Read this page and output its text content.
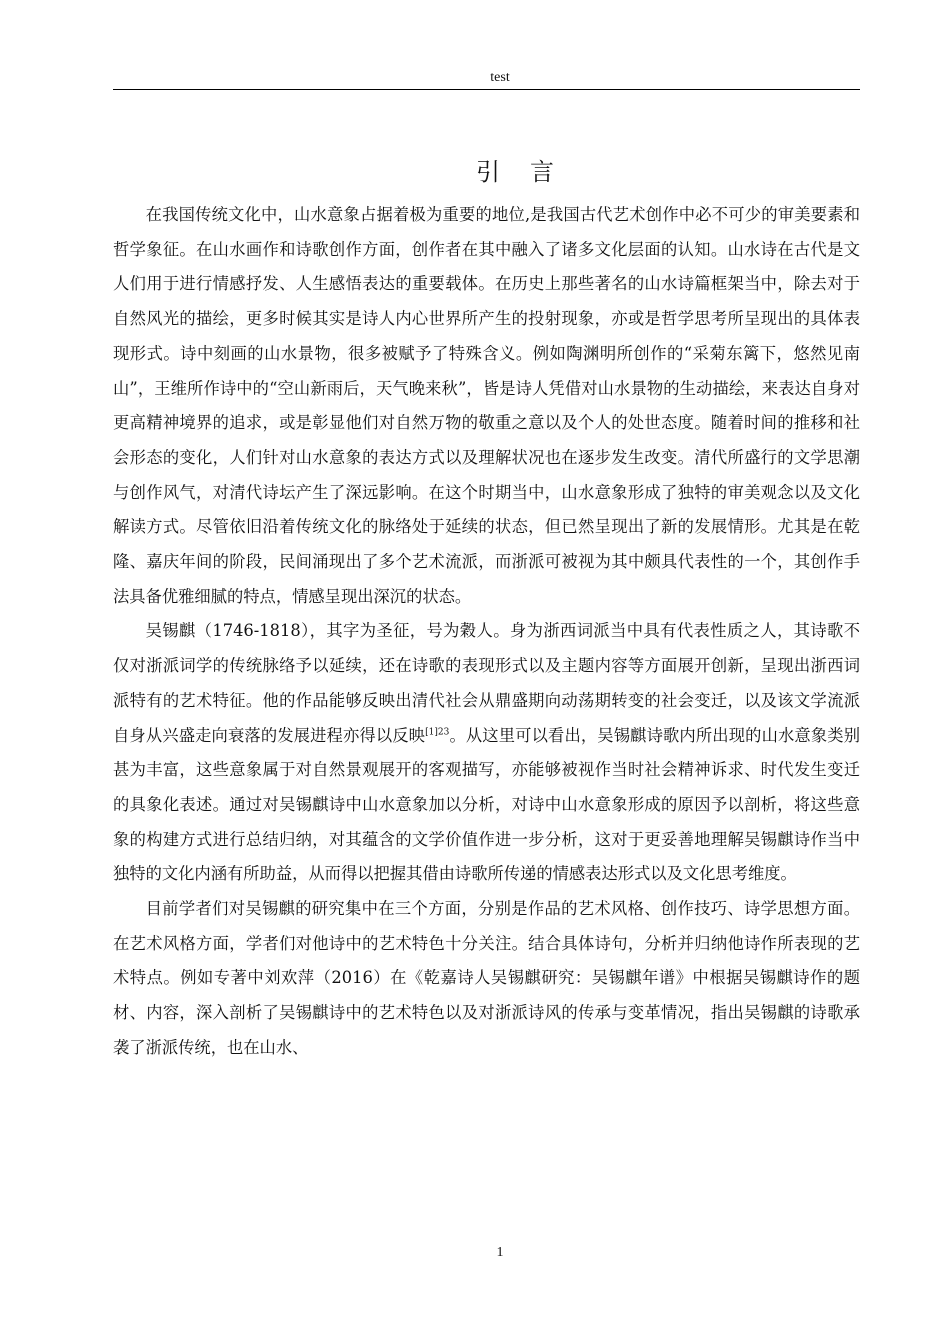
test
引言

在我国传统文化中，山水意象占据着极为重要的地位,是我国古代艺术创作中必不可少的审美要素和哲学象征。在山水画作和诗歌创作方面，创作者在其中融入了诸多文化层面的认知。山水诗在古代是文人们用于进行情感抒发、人生感悟表达的重要载体。在历史上那些著名的山水诗篇框架当中，除去对于自然风光的描绘，更多时候其实是诗人内心世界所产生的投射现象，亦或是哲学思考所呈现出的具体表现形式。诗中刻画的山水景物，很多被赋予了特殊含义。例如陶渊明所创作的“采菊东篱下，悠然见南山”，王维所作诗中的“空山新雨后，天气晚来秋”，皆是诗人凭借对山水景物的生动描绘，来表达自身对更高精神境界的追求，或是彰显他们对自然万物的敬重之意以及个人的处世态度。随着时间的推移和社会形态的变化，人们针对山水意象的表达方式以及理解状况也在逐步发生改变。清代所盛行的文学思潮与创作风气，对清代诗坛产生了深远影响。在这个时期当中，山水意象形成了独特的审美观念以及文化解读方式。尽管依旧沿着传统文化的脉络处于延续的状态，但已然呈现出了新的发展情形。尤其是在乾隆、嘉庆年间的阶段，民间涌现出了多个艺术流派，而浙派可被视为其中颇具代表性的一个，其创作手法具备优雅细腻的特点，情感呈现出深沉的状态。

吴锡麒（1746-1818），其字为圣征，号为穀人。身为浙西词派当中具有代表性质之人，其诗歌不仅对浙派词学的传统脉络予以延续，还在诗歌的表现形式以及主题内容等方面展开创新，呈现出浙西词派特有的艺术特征。他的作品能够反映出清代社会从鼎盛期向动荡期转变的社会变迁，以及该文学流派自身从兴盛走向衰落的发展进程亦得以反映$^{[1]23}$。从这里可以看出，吴锡麒诗歌内所出现的山水意象类别甚为丰富，这些意象属于对自然景观展开的客观描写，亦能够被视作当时社会精神诉求、时代发生变迁的具象化表述。通过对吴锡麒诗中山水意象加以分析，对诗中山水意象形成的原因予以剖析，将这些意象的构建方式进行总结归纳，对其蕴含的文学价值作进一步分析，这对于更妥善地理解吴锡麒诗作当中独特的文化内涵有所助益，从而得以把握其借由诗歌所传递的情感表达形式以及文化思考维度。

目前学者们对吴锡麒的研究集中在三个方面，分别是作品的艺术风格、创作技巧、诗学思想方面。在艺术风格方面，学者们对他诗中的艺术特色十分关注。结合具体诗句，分析并归纳他诗作所表现的艺术特点。例如专著中刘欢萍（2016）在《乾嘉诗人吴锡麒研究：吴锡麒年谱》中根据吴锡麒诗作的题材、内容，深入剖析了吴锡麒诗中的艺术特色以及对浙派诗风的传承与变革情况，指出吴锡麒的诗歌承袭了浙派传统，也在山水、

1
